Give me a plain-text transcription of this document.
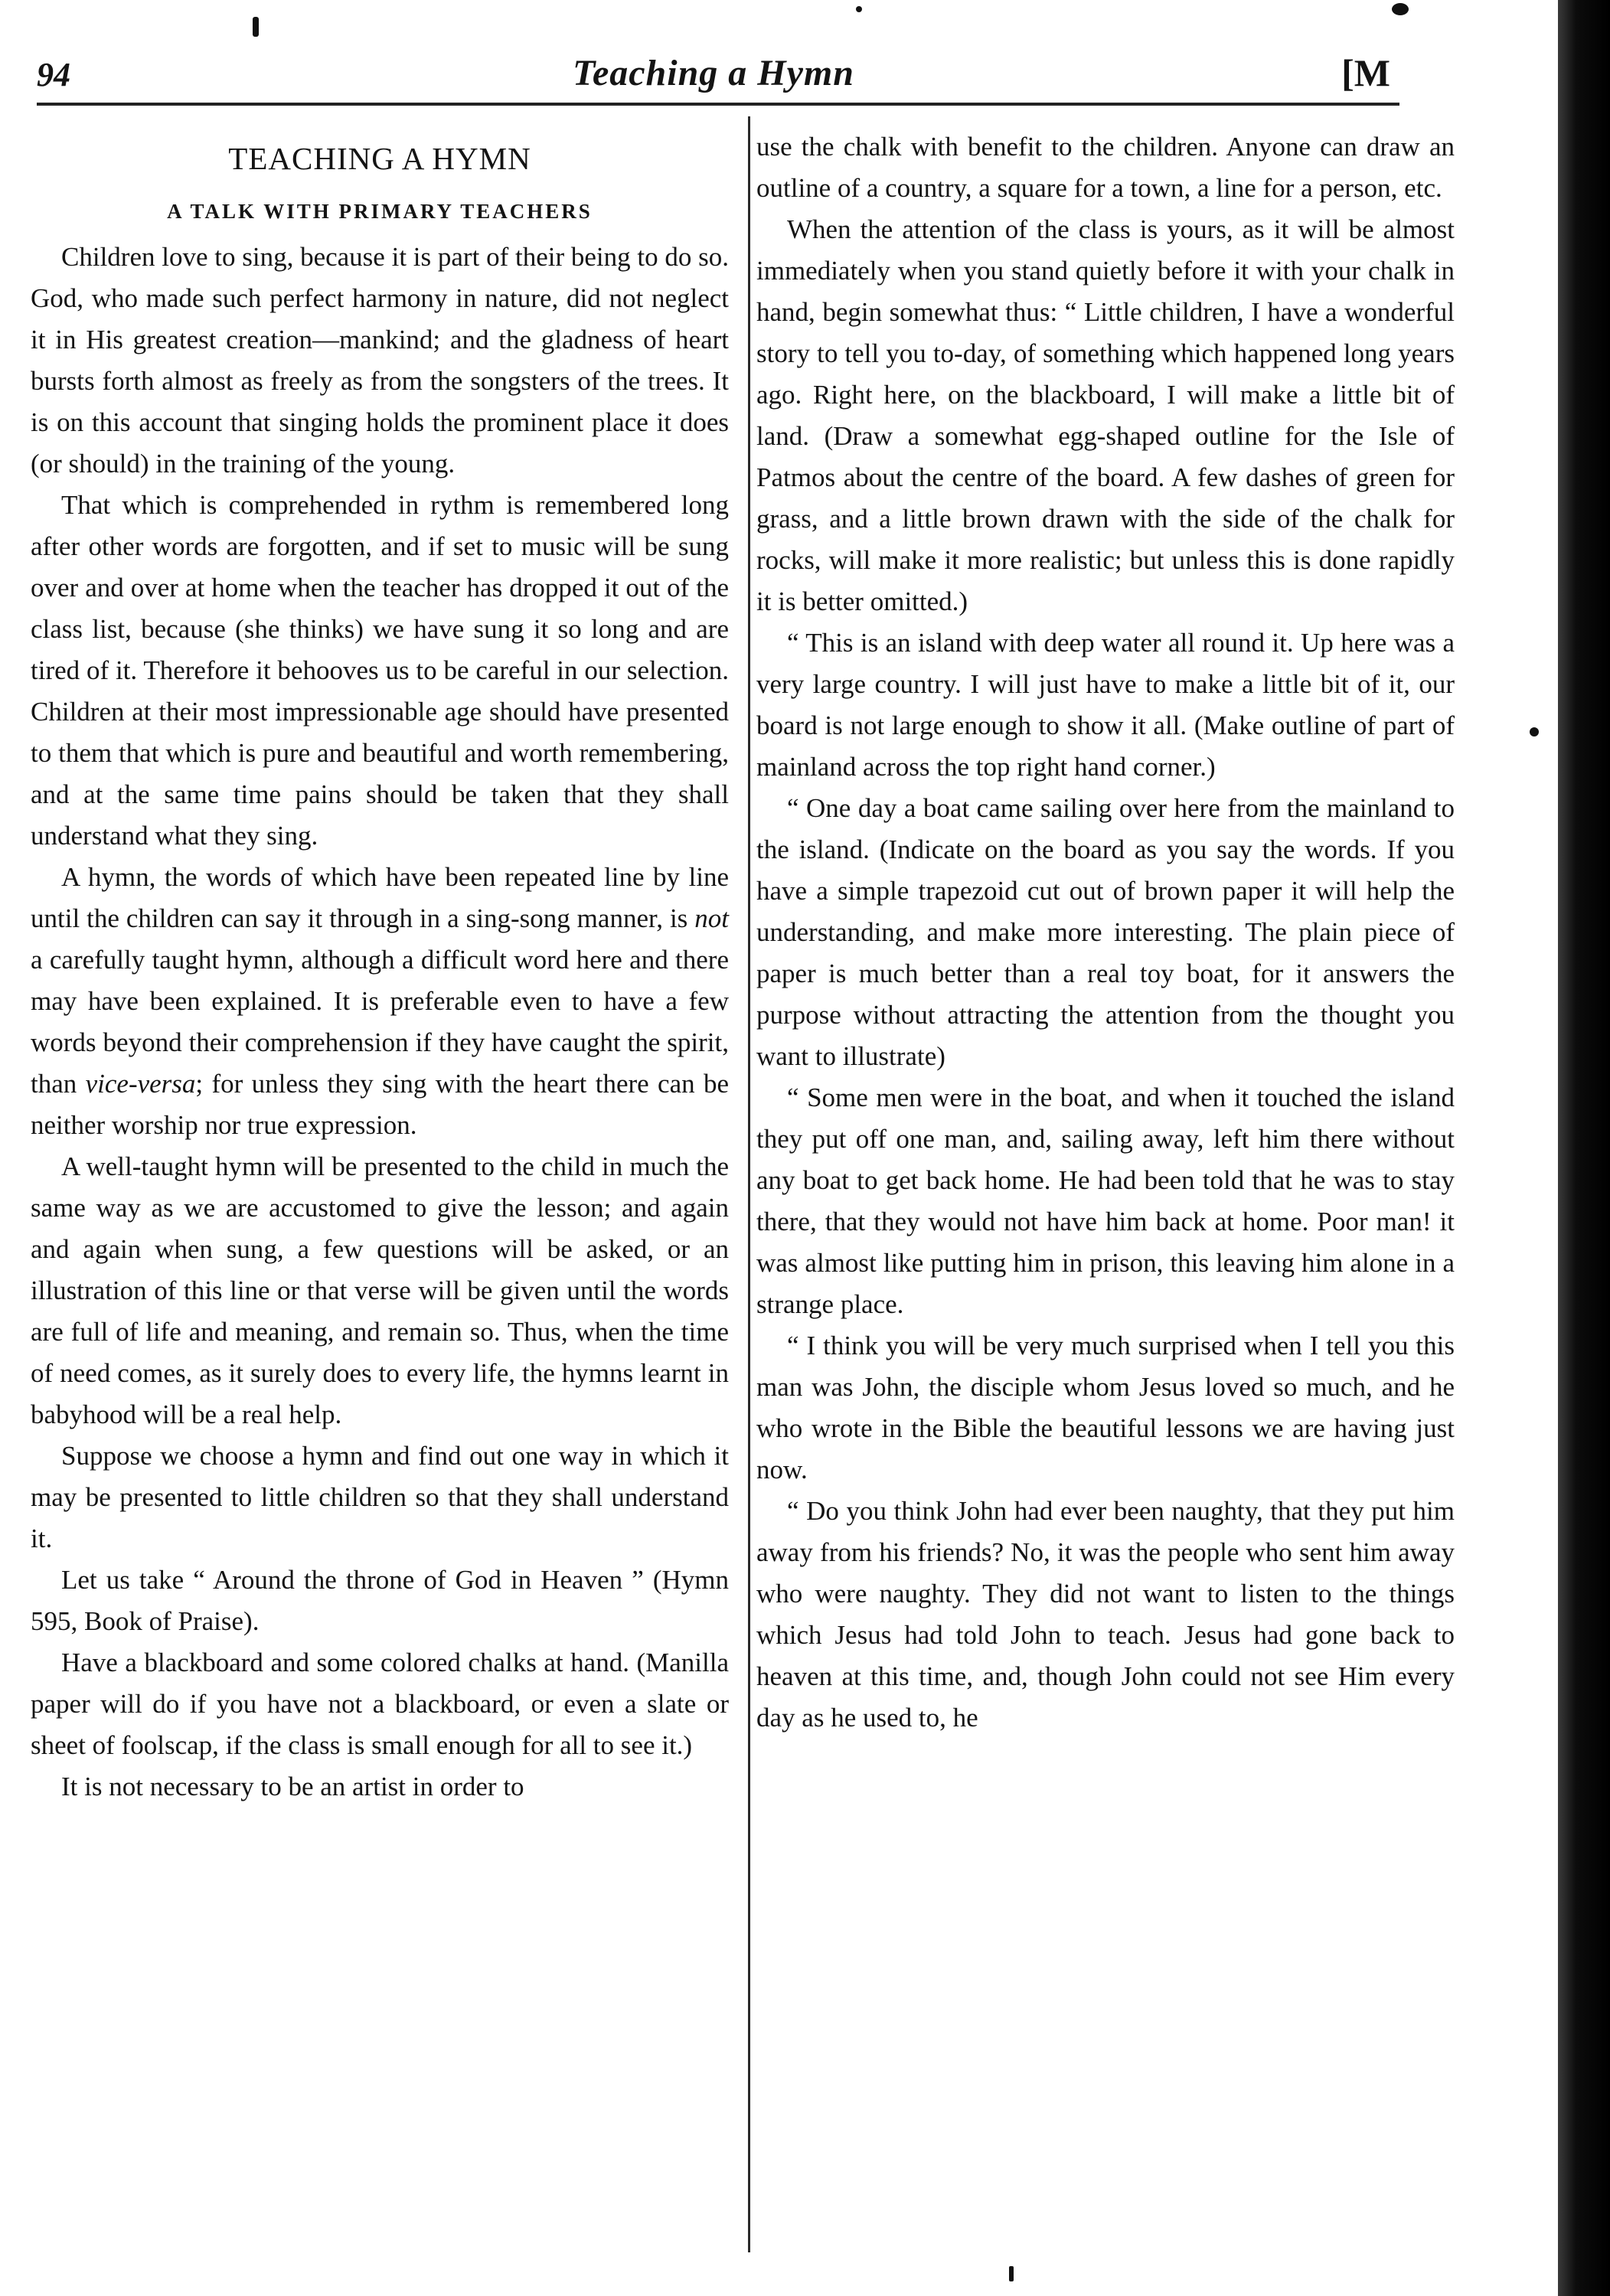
94	Teaching a Hymn	[M
TEACHING A HYMN
A TALK WITH PRIMARY TEACHERS

Children love to sing, because it is part of their being to do so. God, who made such perfect harmony in nature, did not neglect it in His greatest creation—mankind; and the gladness of heart bursts forth almost as freely as from the songsters of the trees. It is on this account that singing holds the prominent place it does (or should) in the training of the young.

That which is comprehended in rythm is remembered long after other words are forgotten, and if set to music will be sung over and over at home when the teacher has dropped it out of the class list, because (she thinks) we have sung it so long and are tired of it. Therefore it behooves us to be careful in our selection. Children at their most impressionable age should have presented to them that which is pure and beautiful and worth remembering, and at the same time pains should be taken that they shall understand what they sing.

A hymn, the words of which have been repeated line by line until the children can say it through in a sing-song manner, is not a carefully taught hymn, although a difficult word here and there may have been explained. It is preferable even to have a few words beyond their comprehension if they have caught the spirit, than vice-versa; for unless they sing with the heart there can be neither worship nor true expression.

A well-taught hymn will be presented to the child in much the same way as we are accustomed to give the lesson; and again and again when sung, a few questions will be asked, or an illustration of this line or that verse will be given until the words are full of life and meaning, and remain so. Thus, when the time of need comes, as it surely does to every life, the hymns learnt in babyhood will be a real help.

Suppose we choose a hymn and find out one way in which it may be presented to little children so that they shall understand it.

Let us take “ Around the throne of God in Heaven ” (Hymn 595, Book of Praise).

Have a blackboard and some colored chalks at hand. (Manilla paper will do if you have not a blackboard, or even a slate or sheet of foolscap, if the class is small enough for all to see it.)

It is not necessary to be an artist in order to

use the chalk with benefit to the children. Anyone can draw an outline of a country, a square for a town, a line for a person, etc.

When the attention of the class is yours, as it will be almost immediately when you stand quietly before it with your chalk in hand, begin somewhat thus: “ Little children, I have a wonderful story to tell you to-day, of something which happened long years ago. Right here, on the blackboard, I will make a little bit of land. (Draw a somewhat egg-shaped outline for the Isle of Patmos about the centre of the board. A few dashes of green for grass, and a little brown drawn with the side of the chalk for rocks, will make it more realistic; but unless this is done rapidly it is better omitted.)

“ This is an island with deep water all round it. Up here was a very large country. I will just have to make a little bit of it, our board is not large enough to show it all. (Make outline of part of mainland across the top right hand corner.)

“ One day a boat came sailing over here from the mainland to the island. (Indicate on the board as you say the words. If you have a simple trapezoid cut out of brown paper it will help the understanding, and make more interesting. The plain piece of paper is much better than a real toy boat, for it answers the purpose without attracting the attention from the thought you want to illustrate)

“ Some men were in the boat, and when it touched the island they put off one man, and, sailing away, left him there without any boat to get back home. He had been told that he was to stay there, that they would not have him back at home. Poor man! it was almost like putting him in prison, this leaving him alone in a strange place.

“ I think you will be very much surprised when I tell you this man was John, the disciple whom Jesus loved so much, and he who wrote in the Bible the beautiful lessons we are having just now.

“ Do you think John had ever been naughty, that they put him away from his friends? No, it was the people who sent him away who were naughty. They did not want to listen to the things which Jesus had told John to teach. Jesus had gone back to heaven at this time, and, though John could not see Him every day as he used to, he
